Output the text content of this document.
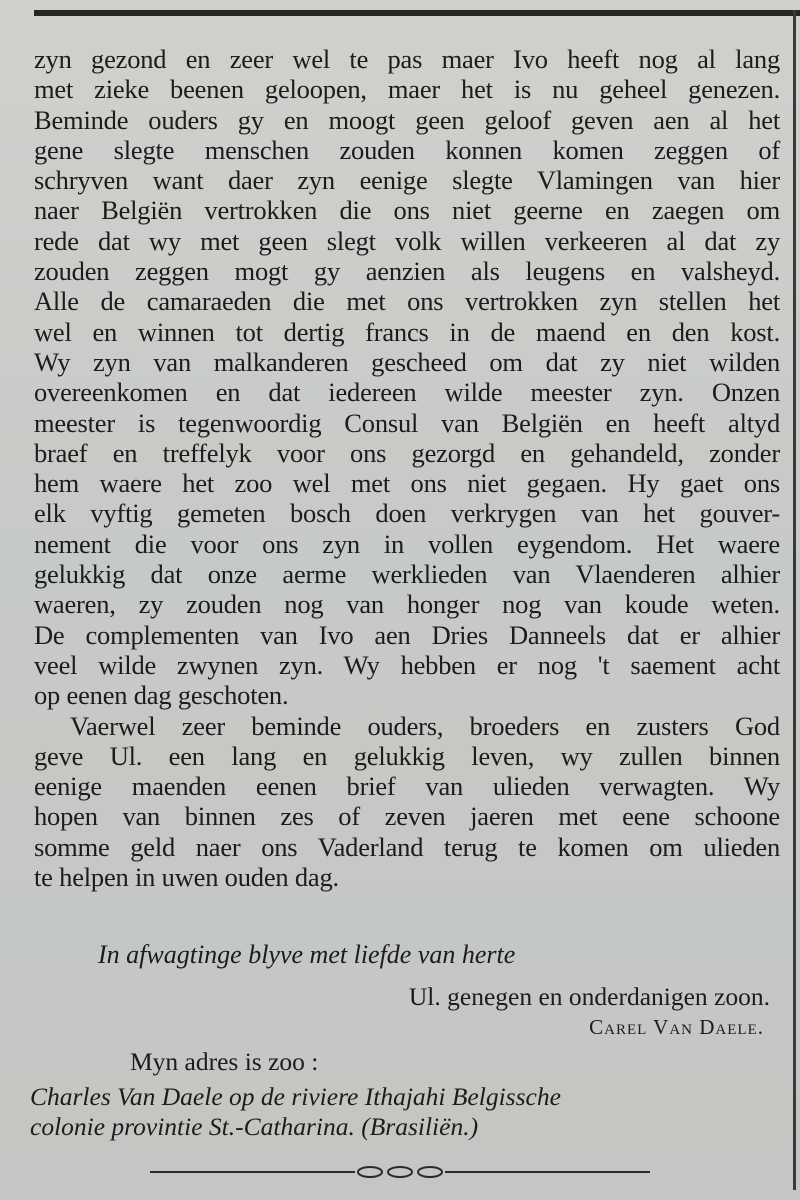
zyn gezond en zeer wel te pas maer Ivo heeft nog al lang
met zieke beenen geloopen, maer het is nu geheel genezen.
Beminde ouders gy en moogt geen geloof geven aen al het
gene slegte menschen zouden konnen komen zeggen of
schryven want daer zyn eenige slegte Vlamingen van hier
naer Belgiën vertrokken die ons niet geerne en zaegen om
rede dat wy met geen slegt volk willen verkeeren al dat zy
zouden zeggen mogt gy aenzien als leugens en valsheyd.
Alle de camaraeden die met ons vertrokken zyn stellen het
wel en winnen tot dertig francs in de maend en den kost.
Wy zyn van malkanderen gescheed om dat zy niet wilden
overeenkomen en dat iedereen wilde meester zyn. Onzen
meester is tegenwoordig Consul van Belgiën en heeft altyd
braef en treffelyk voor ons gezorgd en gehandeld, zonder
hem waere het zoo wel met ons niet gegaen. Hy gaet ons
elk vyftig gemeten bosch doen verkrygen van het gouver-
nement die voor ons zyn in vollen eygendom. Het waere
gelukkig dat onze aerme werklieden van Vlaenderen alhier
waeren, zy zouden nog van honger nog van koude weten.
De complementen van Ivo aen Dries Danneels dat er alhier
veel wilde zwynen zyn. Wy hebben er nog 't saement acht
op eenen dag geschoten.
Vaerwel zeer beminde ouders, broeders en zusters God
geve Ul. een lang en gelukkig leven, wy zullen binnen
eenige maenden eenen brief van ulieden verwagten. Wy
hopen van binnen zes of zeven jaeren met eene schoone
somme geld naer ons Vaderland terug te komen om ulieden
te helpen in uwen ouden dag.
In afwagtinge blyve met liefde van herte
Ul. genegen en onderdanigen zoon.
Carel Van Daele.
Myn adres is zoo :
Charles Van Daele op de riviere Ithajahi Belgissche
colonie provintie St.-Catharina. (Brasiliën.)
